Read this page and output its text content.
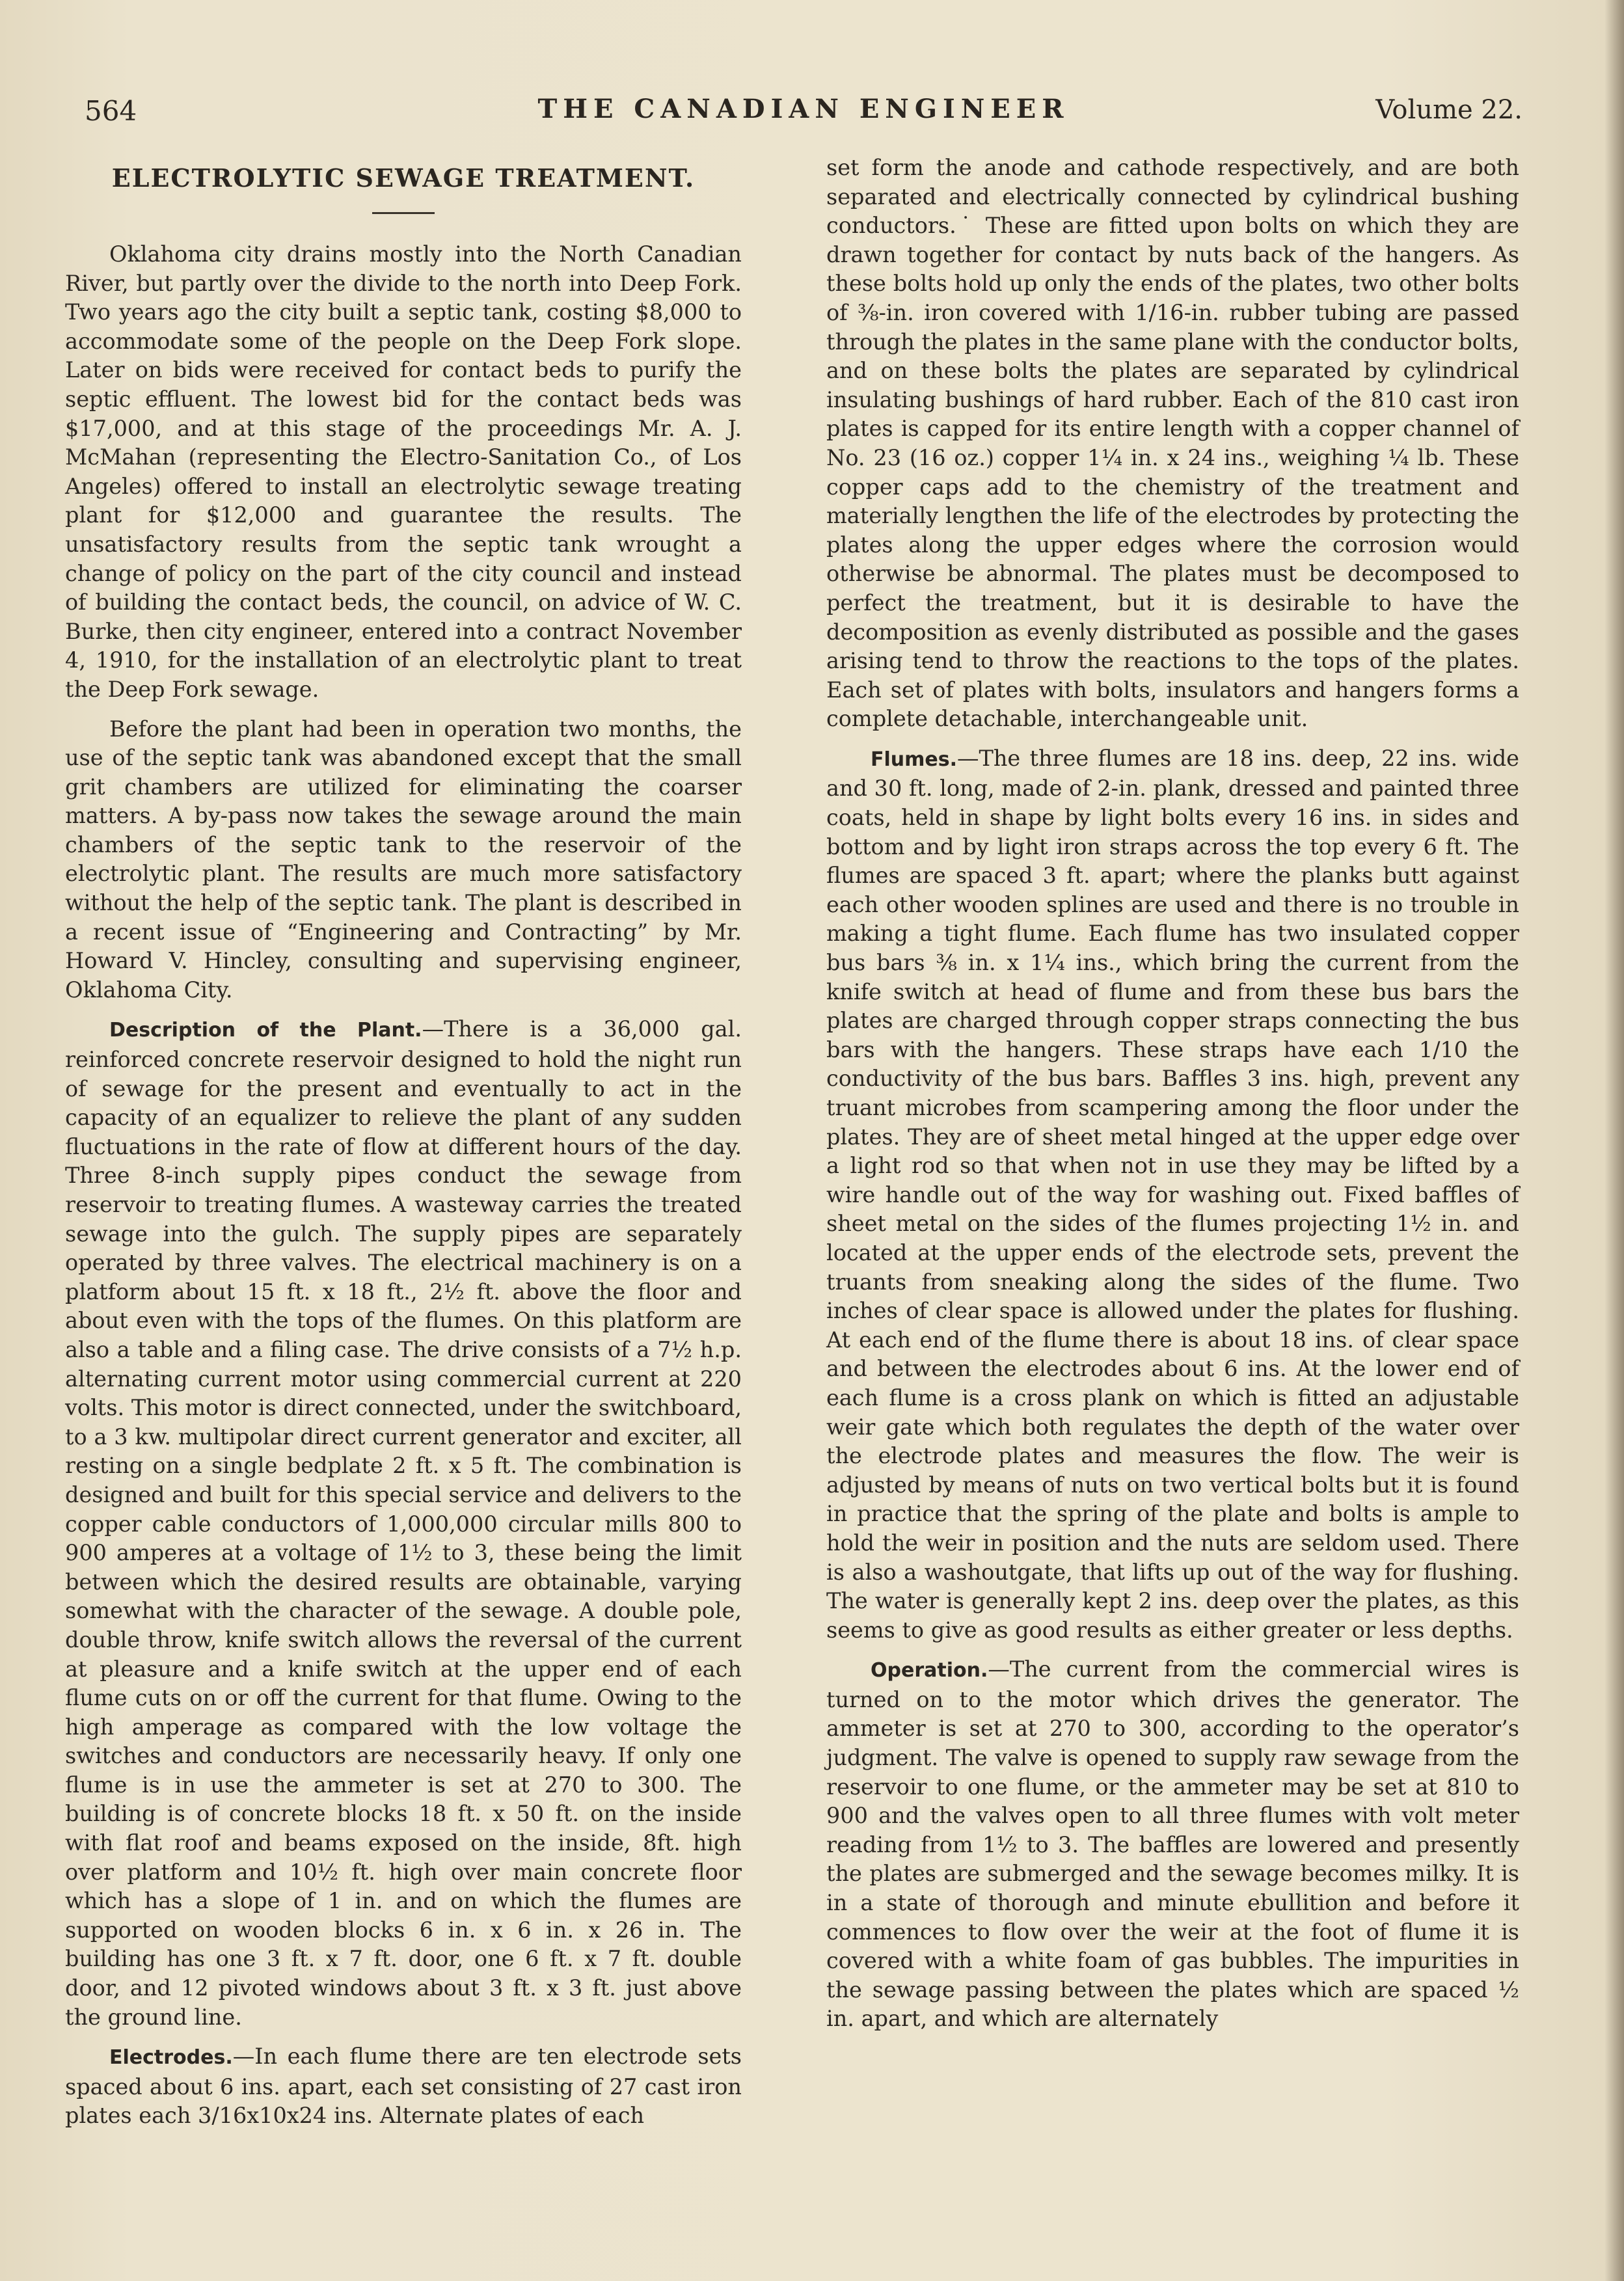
564	THE CANADIAN ENGINEER	Volume 22.
ELECTROLYTIC SEWAGE TREATMENT.

Oklahoma city drains mostly into the North Canadian River, but partly over the divide to the north into Deep Fork. Two years ago the city built a septic tank, costing $8,000 to accommodate some of the people on the Deep Fork slope. Later on bids were received for contact beds to purify the septic effluent. The lowest bid for the contact beds was $17,000, and at this stage of the proceedings Mr. A. J. McMahan (representing the Electro-Sanitation Co., of Los Angeles) offered to install an electrolytic sewage treating plant for $12,000 and guarantee the results. The unsatisfactory results from the septic tank wrought a change of policy on the part of the city council and instead of building the contact beds, the council, on advice of W. C. Burke, then city engineer, entered into a contract November 4, 1910, for the installation of an electrolytic plant to treat the Deep Fork sewage.

Before the plant had been in operation two months, the use of the septic tank was abandoned except that the small grit chambers are utilized for eliminating the coarser matters. A by-pass now takes the sewage around the main chambers of the septic tank to the reservoir of the electrolytic plant. The results are much more satisfactory without the help of the septic tank. The plant is described in a recent issue of “Engineering and Contracting” by Mr. Howard V. Hincley, consulting and supervising engineer, Oklahoma City.

Description of the Plant.—There is a 36,000 gal. reinforced concrete reservoir designed to hold the night run of sewage for the present and eventually to act in the capacity of an equalizer to relieve the plant of any sudden fluctuations in the rate of flow at different hours of the day. Three 8-inch supply pipes conduct the sewage from reservoir to treating flumes. A wasteway carries the treated sewage into the gulch. The supply pipes are separately operated by three valves. The electrical machinery is on a platform about 15 ft. x 18 ft., 2½ ft. above the floor and about even with the tops of the flumes. On this platform are also a table and a filing case. The drive consists of a 7½ h.p. alternating current motor using commercial current at 220 volts. This motor is direct connected, under the switchboard, to a 3 kw. multipolar direct current generator and exciter, all resting on a single bedplate 2 ft. x 5 ft. The combination is designed and built for this special service and delivers to the copper cable conductors of 1,000,000 circular mills 800 to 900 amperes at a voltage of 1½ to 3, these being the limit between which the desired results are obtainable, varying somewhat with the character of the sewage. A double pole, double throw, knife switch allows the reversal of the current at pleasure and a knife switch at the upper end of each flume cuts on or off the current for that flume. Owing to the high amperage as compared with the low voltage the switches and conductors are necessarily heavy. If only one flume is in use the ammeter is set at 270 to 300. The building is of concrete blocks 18 ft. x 50 ft. on the inside with flat roof and beams exposed on the inside, 8ft. high over platform and 10½ ft. high over main concrete floor which has a slope of 1 in. and on which the flumes are supported on wooden blocks 6 in. x 6 in. x 26 in. The building has one 3 ft. x 7 ft. door, one 6 ft. x 7 ft. double door, and 12 pivoted windows about 3 ft. x 3 ft. just above the ground line.

Electrodes.—In each flume there are ten electrode sets spaced about 6 ins. apart, each set consisting of 27 cast iron plates each 3/16x10x24 ins. Alternate plates of each

set form the anode and cathode respectively, and are both separated and electrically connected by cylindrical bushing conductors.˙ These are fitted upon bolts on which they are drawn together for contact by nuts back of the hangers. As these bolts hold up only the ends of the plates, two other bolts of ⅜-in. iron covered with 1/16-in. rubber tubing are passed through the plates in the same plane with the conductor bolts, and on these bolts the plates are separated by cylindrical insulating bushings of hard rubber. Each of the 810 cast iron plates is capped for its entire length with a copper channel of No. 23 (16 oz.) copper 1¼ in. x 24 ins., weighing ¼ lb. These copper caps add to the chemistry of the treatment and materially lengthen the life of the electrodes by protecting the plates along the upper edges where the corrosion would otherwise be abnormal. The plates must be decomposed to perfect the treatment, but it is desirable to have the decomposition as evenly distributed as possible and the gases arising tend to throw the reactions to the tops of the plates. Each set of plates with bolts, insulators and hangers forms a complete detachable, interchangeable unit.

Flumes.—The three flumes are 18 ins. deep, 22 ins. wide and 30 ft. long, made of 2-in. plank, dressed and painted three coats, held in shape by light bolts every 16 ins. in sides and bottom and by light iron straps across the top every 6 ft. The flumes are spaced 3 ft. apart; where the planks butt against each other wooden splines are used and there is no trouble in making a tight flume. Each flume has two insulated copper bus bars ⅜ in. x 1¼ ins., which bring the current from the knife switch at head of flume and from these bus bars the plates are charged through copper straps connecting the bus bars with the hangers. These straps have each 1/10 the conductivity of the bus bars. Baffles 3 ins. high, prevent any truant microbes from scampering among the floor under the plates. They are of sheet metal hinged at the upper edge over a light rod so that when not in use they may be lifted by a wire handle out of the way for washing out. Fixed baffles of sheet metal on the sides of the flumes projecting 1½ in. and located at the upper ends of the electrode sets, prevent the truants from sneaking along the sides of the flume. Two inches of clear space is allowed under the plates for flushing. At each end of the flume there is about 18 ins. of clear space and between the electrodes about 6 ins. At the lower end of each flume is a cross plank on which is fitted an adjustable weir gate which both regulates the depth of the water over the electrode plates and measures the flow. The weir is adjusted by means of nuts on two vertical bolts but it is found in practice that the spring of the plate and bolts is ample to hold the weir in position and the nuts are seldom used. There is also a washoutgate, that lifts up out of the way for flushing. The water is generally kept 2 ins. deep over the plates, as this seems to give as good results as either greater or less depths.

Operation.—The current from the commercial wires is turned on to the motor which drives the generator. The ammeter is set at 270 to 300, according to the operator’s judgment. The valve is opened to supply raw sewage from the reservoir to one flume, or the ammeter may be set at 810 to 900 and the valves open to all three flumes with volt meter reading from 1½ to 3. The baffles are lowered and presently the plates are submerged and the sewage becomes milky. It is in a state of thorough and minute ebullition and before it commences to flow over the weir at the foot of flume it is covered with a white foam of gas bubbles. The impurities in the sewage passing between the plates which are spaced ½ in. apart, and which are alternately
